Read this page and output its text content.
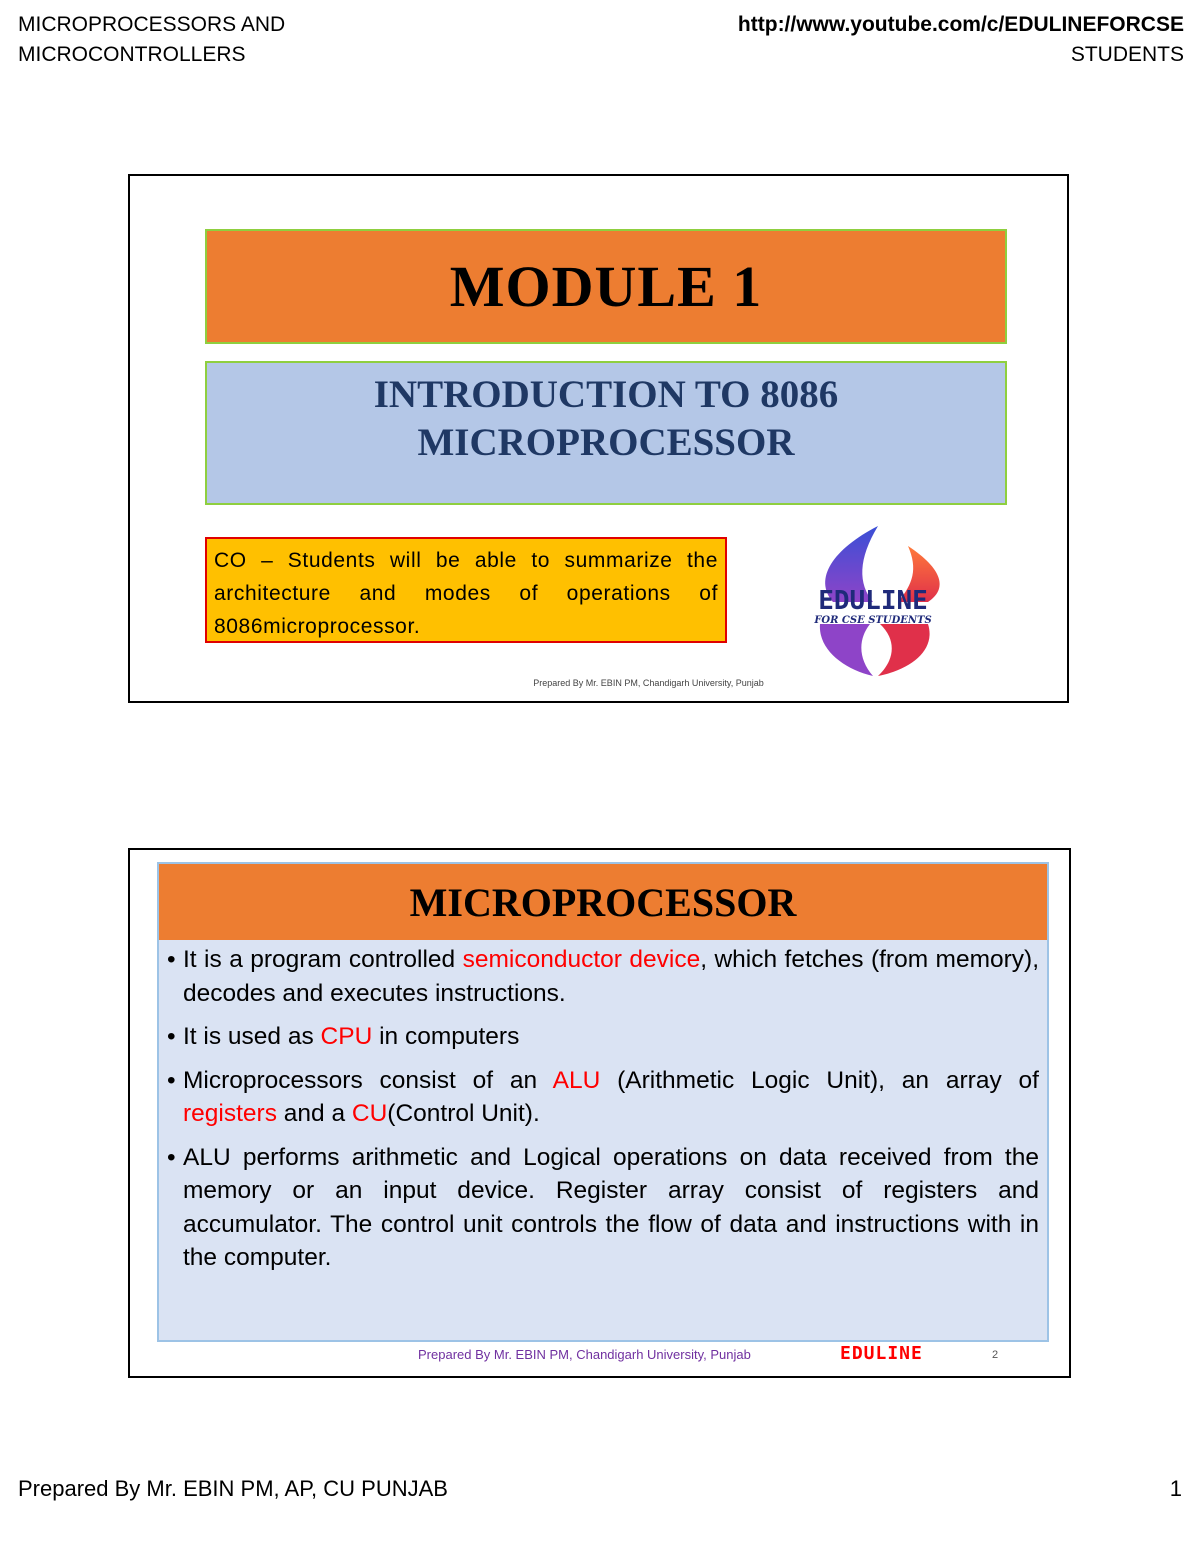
MICROPROCESSORS AND
MICROCONTROLLERS
http://www.youtube.com/c/EDULINEFORCSE
STUDENTS
MODULE 1
INTRODUCTION TO 8086
MICROPROCESSOR
CO – Students will be able to summarize the architecture and modes of operations of 8086microprocessor.
EDULINE
FOR CSE STUDENTS
Prepared By Mr. EBIN PM, Chandigarh University, Punjab
MICROPROCESSOR
• It is a program controlled semiconductor device, which fetches (from memory), decodes and executes instructions.
• It is used as CPU in computers
• Microprocessors consist of an ALU (Arithmetic Logic Unit), an array of registers and a CU(Control Unit).
• ALU performs arithmetic and Logical operations on data received from the memory or an input device. Register array consist of registers and accumulator. The control unit controls the flow of data and instructions with in the computer.
Prepared By Mr. EBIN PM, Chandigarh University, Punjab	EDULINE	2
Prepared By Mr. EBIN PM, AP, CU PUNJAB	1
